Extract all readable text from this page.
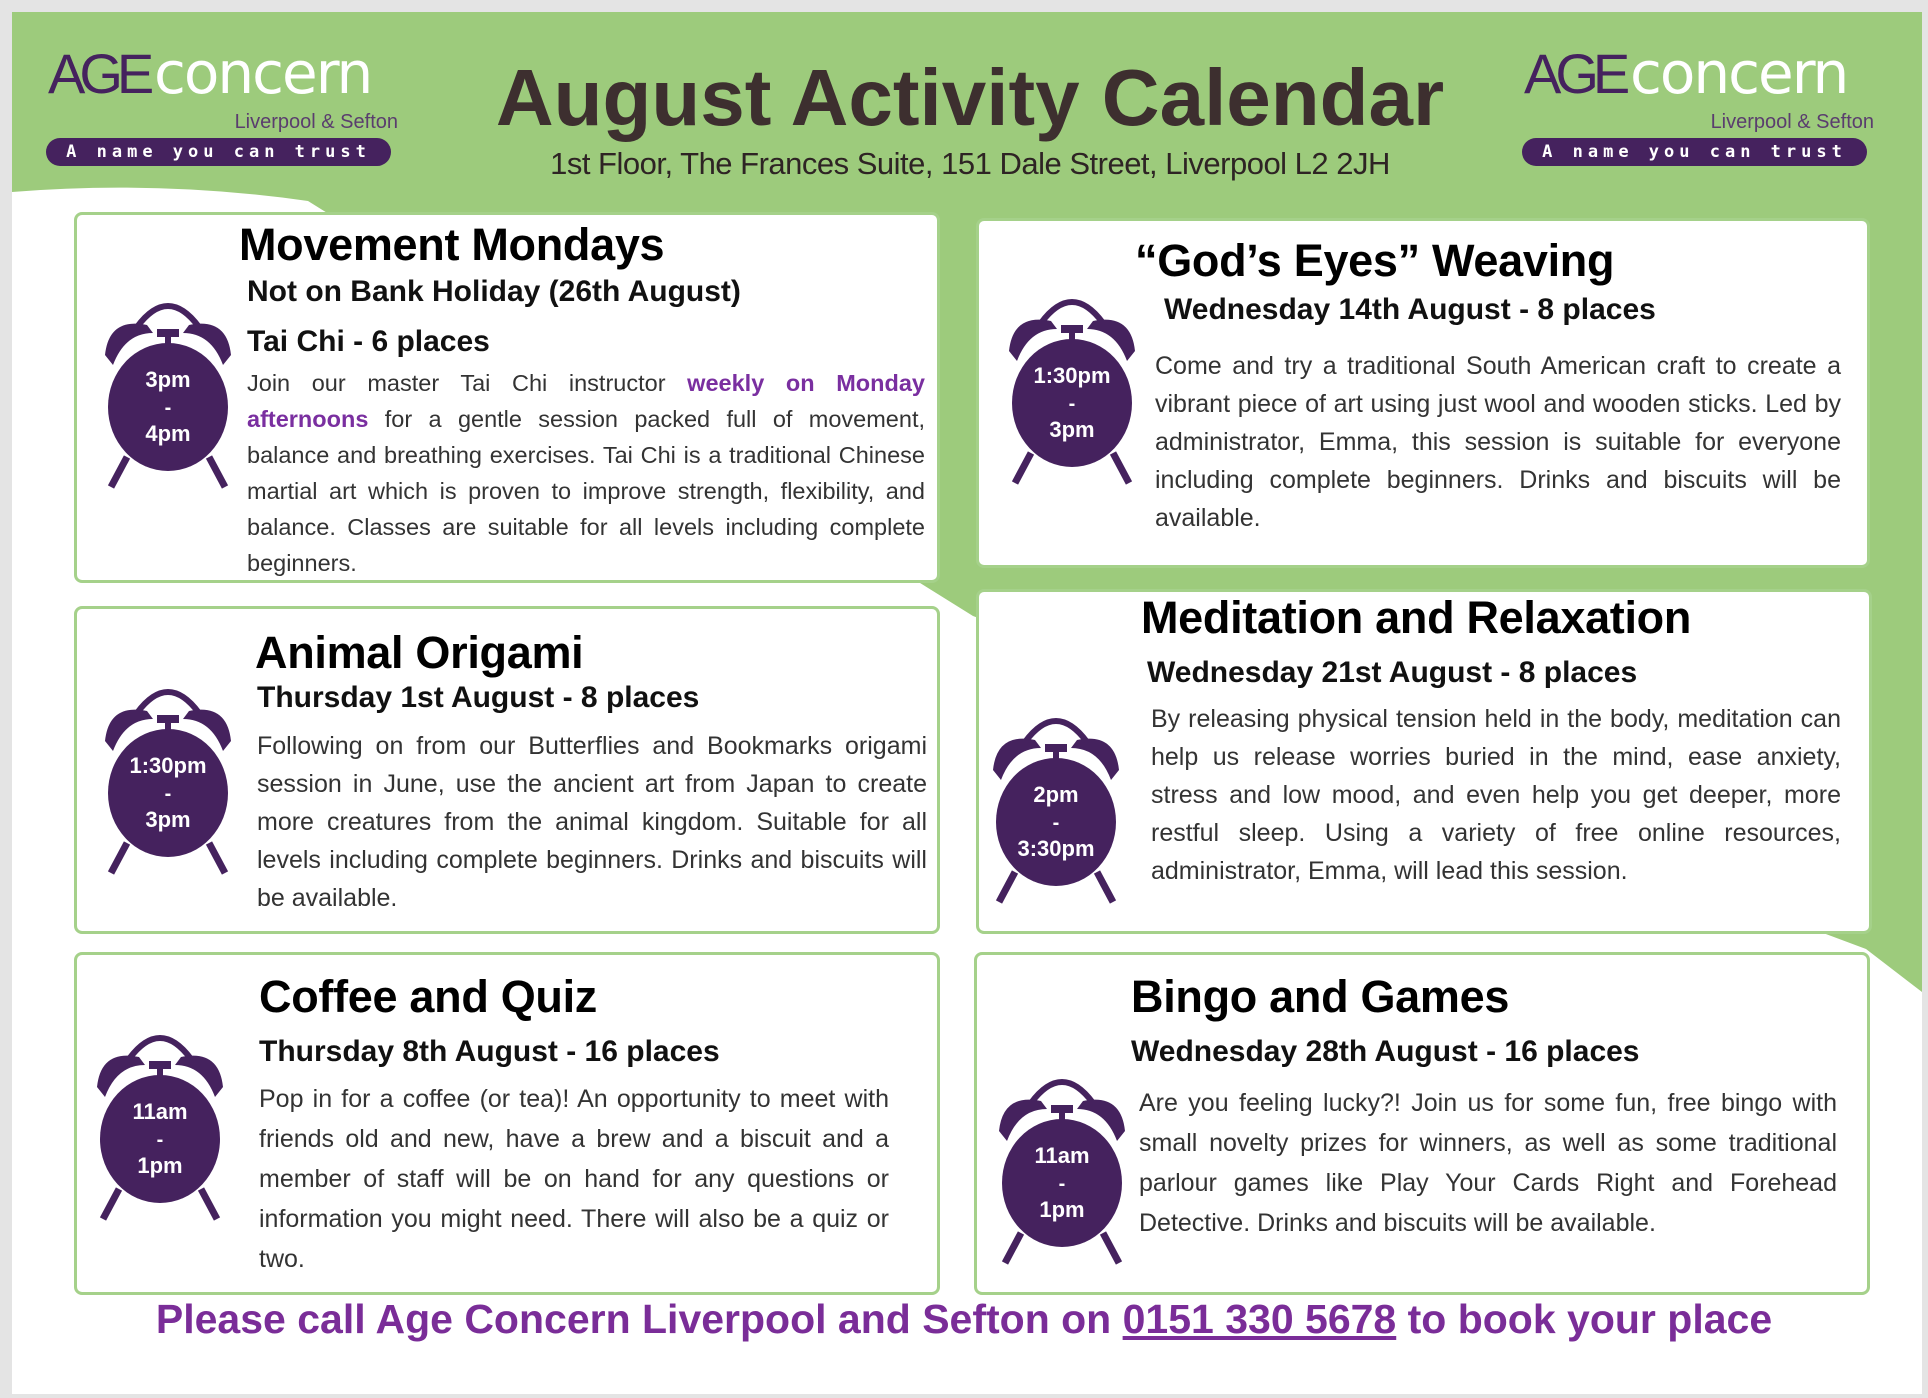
AGE concern
Liverpool & Sefton
A name you can trust
AGE concern
Liverpool & Sefton
A name you can trust
August Activity Calendar
1st Floor, The Frances Suite, 151 Dale Street, Liverpool L2 2JH
3pm
-
4pm
Movement Mondays
Not on Bank Holiday (26th August)
Tai Chi - 6 places
Join our master Tai Chi instructor weekly on Monday afternoons for a gentle session packed full of movement, balance and breathing exercises. Tai Chi is a traditional Chinese martial art which is proven to improve strength, flexibility, and balance. Classes are suitable for all levels including complete beginners.
1:30pm
-
3pm
“God’s Eyes” Weaving
Wednesday 14th August - 8 places
Come and try a traditional South American craft to create a vibrant piece of art using just wool and wooden sticks. Led by administrator, Emma, this session is suitable for everyone including complete beginners. Drinks and biscuits will be available.
1:30pm
-
3pm
Animal Origami
Thursday 1st August - 8 places
Following on from our Butterflies and Bookmarks origami session in June, use the ancient art from Japan to create more creatures from the animal kingdom. Suitable for all levels including complete beginners. Drinks and biscuits will be available.
2pm
-
3:30pm
Meditation and Relaxation
Wednesday 21st August - 8 places
By releasing physical tension held in the body, meditation can help us release worries buried in the mind, ease anxiety, stress and low mood, and even help you get deeper, more restful sleep. Using a variety of free online resources, administrator, Emma, will lead this session.
11am
-
1pm
Coffee and Quiz
Thursday 8th August - 16 places
Pop in for a coffee (or tea)! An opportunity to meet with friends old and new, have a brew and a biscuit and a member of staff will be on hand for any questions or information you might need. There will also be a quiz or two.
11am
-
1pm
Bingo and Games
Wednesday 28th August - 16 places
Are you feeling lucky?! Join us for some fun, free bingo with small novelty prizes for winners, as well as some traditional parlour games like Play Your Cards Right and Forehead Detective. Drinks and biscuits will be available.
Please call Age Concern Liverpool and Sefton on 0151 330 5678 to book your place
